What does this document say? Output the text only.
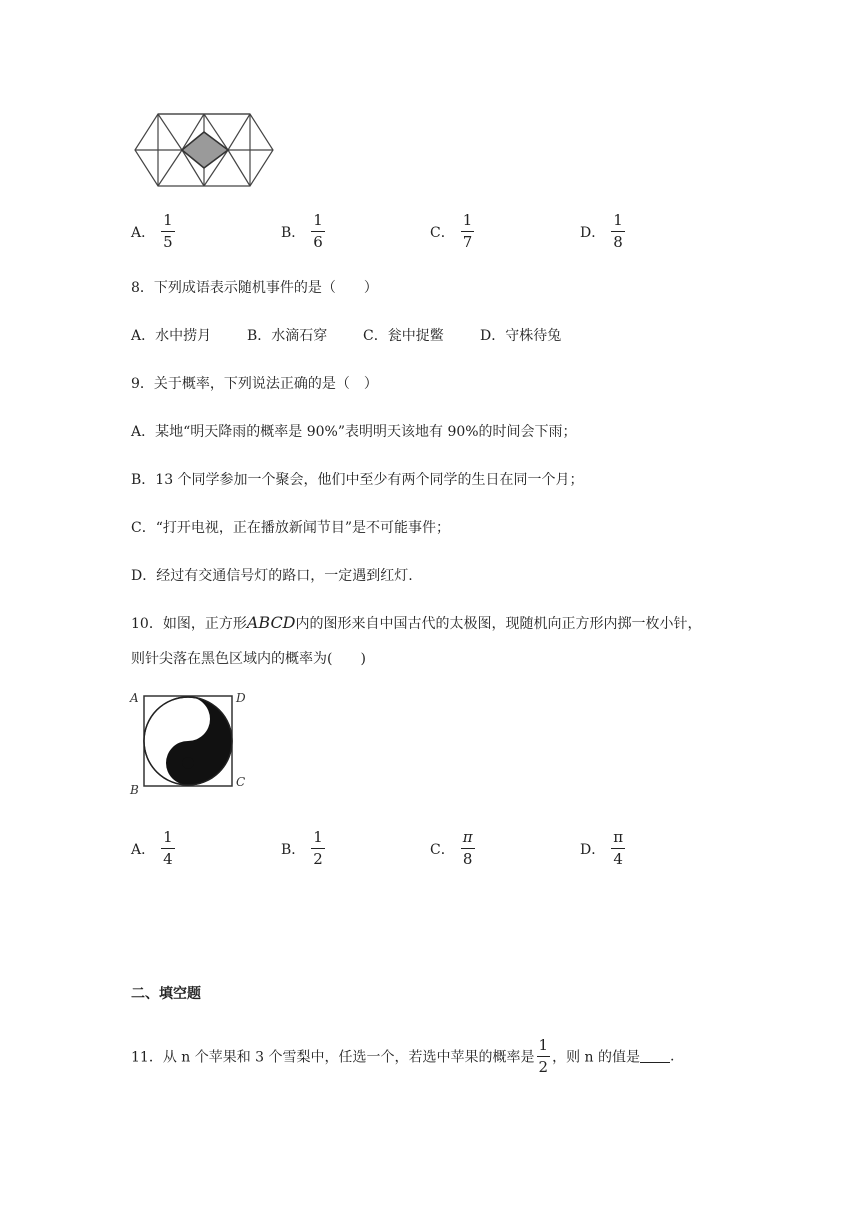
A． $\frac{1}{5}$	B． $\frac{1}{6}$	C． $\frac{1}{7}$	D． $\frac{1}{8}$
8．下列成语表示随机事件的是（　　）
A．水中捞月	B．水滴石穿	C．瓮中捉鳖	D．守株待兔
9．关于概率，下列说法正确的是（　）
A．某地“明天降雨的概率是 90%”表明明天该地有 90%的时间会下雨；
B．13 个同学参加一个聚会，他们中至少有两个同学的生日在同一个月；
C．“打开电视，正在播放新闻节目”是不可能事件；
D．经过有交通信号灯的路口，一定遇到红灯.
10．如图，正方形ABCD内的图形来自中国古代的太极图，现随机向正方形内掷一枚小针，
则针尖落在黑色区域内的概率为(　　)
A	D
B
C
A． $\frac{1}{4}$	B． $\frac{1}{2}$	C． $\frac{\pi}{8}$	D． $\frac{\pi}{4}$
二、填空题
11．从 n 个苹果和 3 个雪梨中，任选一个，若选中苹果的概率是 $\frac{1}{2}$ ，则 n 的值是 .
